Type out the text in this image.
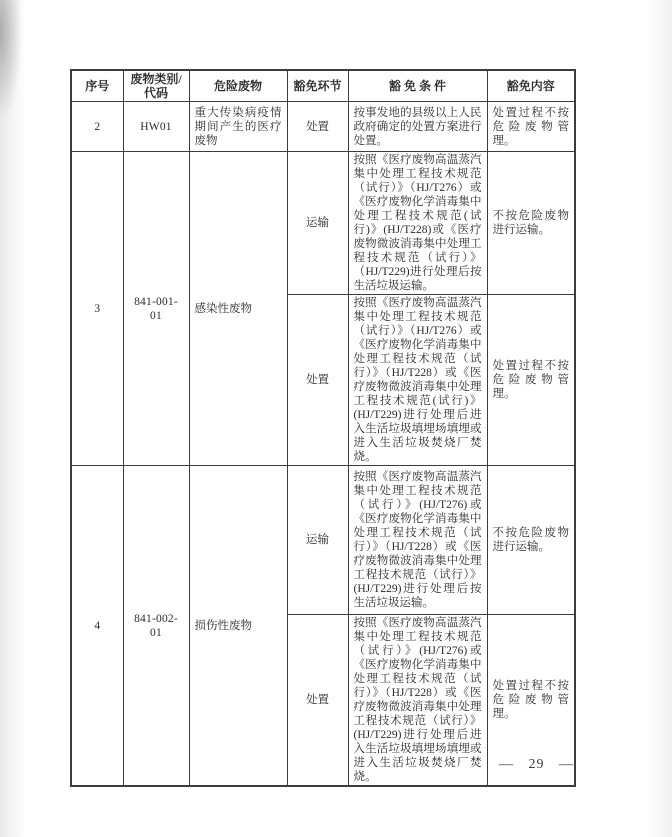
序号	废物类别/代码	危险废物	豁免环节	豁 免 条 件	豁免内容
2	HW01	重大传染病疫情期间产生的医疗废物	处置	按事发地的县级以上人民政府确定的处置方案进行处置。	处置过程不按危险废物管理。
3	841-001-01	感染性废物	运输	按照《医疗废物高温蒸汽集中处理工程技术规范（试行）》（HJ/T276）或《医疗废物化学消毒集中处理工程技术规范(试行)》(HJ/T228)或《医疗废物微波消毒集中处理工程技术规范（试行）》（HJ/T229)进行处理后按生活垃圾运输。	不按危险废物进行运输。
			处置	按照《医疗废物高温蒸汽集中处理工程技术规范（试行）》（HJ/T276）或《医疗废物化学消毒集中处理工程技术规范（试行）》（HJ/T228）或《医疗废物微波消毒集中处理工程技术规范(试行)》(HJ/T229)进行处理后进入生活垃圾填埋场填埋或进入生活垃圾焚烧厂焚烧。	处置过程不按危险废物管理。
4	841-002-01	损伤性废物	运输	按照《医疗废物高温蒸汽集中处理工程技术规范（试行）》(HJ/T276)或《医疗废物化学消毒集中处理工程技术规范（试行）》（HJ/T228）或《医疗废物微波消毒集中处理工程技术规范（试行）》(HJ/T229)进行处理后按生活垃圾运输。	不按危险废物进行运输。
			处置	按照《医疗废物高温蒸汽集中处理工程技术规范（试行）》(HJ/T276)或《医疗废物化学消毒集中处理工程技术规范（试行）》（HJ/T228）或《医疗废物微波消毒集中处理工程技术规范（试行）》(HJ/T229)进行处理后进入生活垃圾填埋场填埋或进入生活垃圾焚烧厂焚烧。	处置过程不按危险废物管理。
— 29 —
